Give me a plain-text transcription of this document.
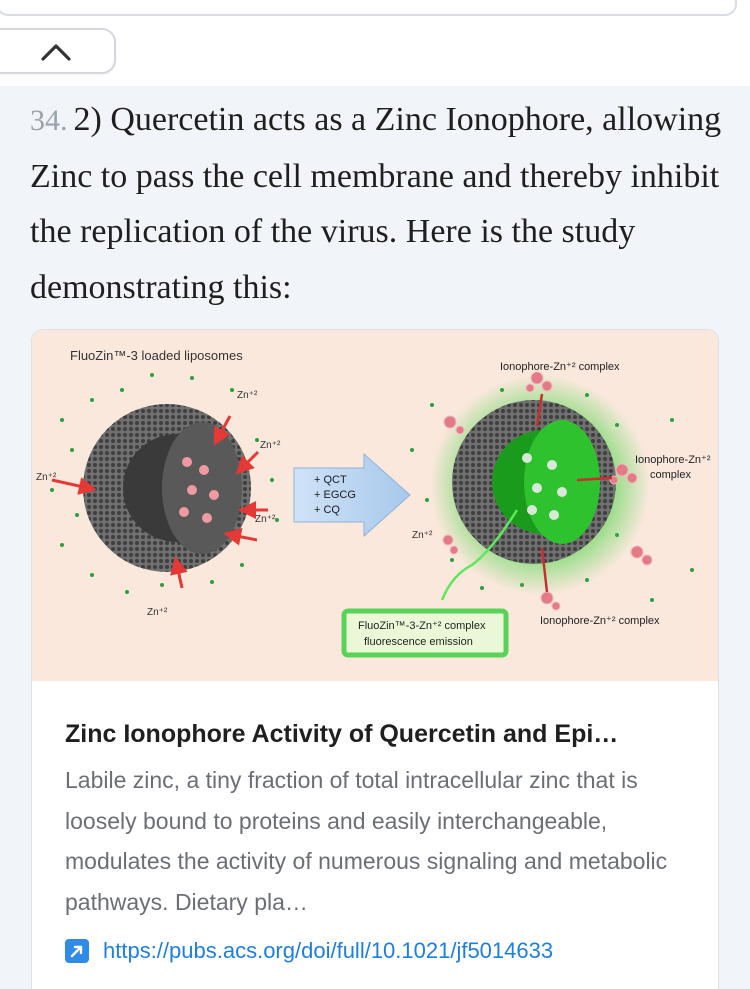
34. 2) Quercetin acts as a Zinc Ionophore, allowing Zinc to pass the cell membrane and thereby inhibit the replication of the virus. Here is the study demonstrating this:
FluoZin™-3 loaded liposomes
Zn⁺²
Zn⁺²
Zn⁺²
Zn⁺²
Zn⁺²
Zn⁺²
+ QCT
+ EGCG
+ CQ
Ionophore-Zn⁺² complex
Ionophore-Zn⁺²
complex
Ionophore-Zn⁺² complex
FluoZin™-3-Zn⁺² complex
fluorescence emission
Zinc Ionophore Activity of Quercetin and Epi…
Labile zinc, a tiny fraction of total intracellular zinc that is loosely bound to proteins and easily interchangeable, modulates the activity of numerous signaling and metabolic pathways. Dietary pla…
https://pubs.acs.org/doi/full/10.1021/jf5014633
